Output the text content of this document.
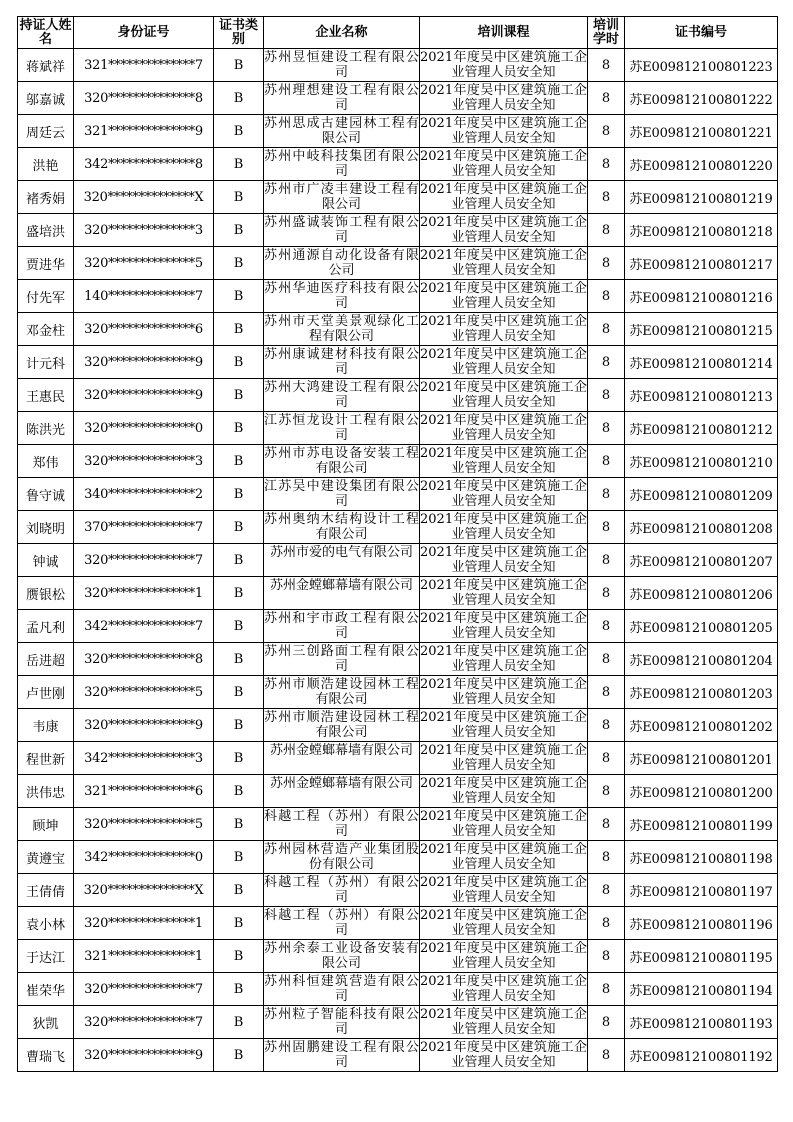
持证人姓名	身份证号	证书类别	企业名称	培训课程	培训学时	证书编号
蒋斌祥	321**************7	B	苏州昱恒建设工程有限公司	2021年度吴中区建筑施工企业管理人员安全知	8	苏E009812100801223
邬嘉诚	320**************8	B	苏州理想建设工程有限公司	2021年度吴中区建筑施工企业管理人员安全知	8	苏E009812100801222
周廷云	321**************9	B	苏州思成古建园林工程有限公司	2021年度吴中区建筑施工企业管理人员安全知	8	苏E009812100801221
洪艳	342**************8	B	苏州中岐科技集团有限公司	2021年度吴中区建筑施工企业管理人员安全知	8	苏E009812100801220
褚秀娟	320**************X	B	苏州市广凌丰建设工程有限公司	2021年度吴中区建筑施工企业管理人员安全知	8	苏E009812100801219
盛培洪	320**************3	B	苏州盛诚装饰工程有限公司	2021年度吴中区建筑施工企业管理人员安全知	8	苏E009812100801218
贾进华	320**************5	B	苏州通源自动化设备有限公司	2021年度吴中区建筑施工企业管理人员安全知	8	苏E009812100801217
付先军	140**************7	B	苏州华迪医疗科技有限公司	2021年度吴中区建筑施工企业管理人员安全知	8	苏E009812100801216
邓金柱	320**************6	B	苏州市天堂美景观绿化工程有限公司	2021年度吴中区建筑施工企业管理人员安全知	8	苏E009812100801215
计元科	320**************9	B	苏州康诚建材科技有限公司	2021年度吴中区建筑施工企业管理人员安全知	8	苏E009812100801214
王惠民	320**************9	B	苏州大鸿建设工程有限公司	2021年度吴中区建筑施工企业管理人员安全知	8	苏E009812100801213
陈洪光	320**************0	B	江苏恒龙设计工程有限公司	2021年度吴中区建筑施工企业管理人员安全知	8	苏E009812100801212
郑伟	320**************3	B	苏州市苏电设备安装工程有限公司	2021年度吴中区建筑施工企业管理人员安全知	8	苏E009812100801210
鲁守诚	340**************2	B	江苏吴中建设集团有限公司	2021年度吴中区建筑施工企业管理人员安全知	8	苏E009812100801209
刘晓明	370**************7	B	苏州奥纳木结构设计工程有限公司	2021年度吴中区建筑施工企业管理人员安全知	8	苏E009812100801208
钟诚	320**************7	B	苏州市爱的电气有限公司	2021年度吴中区建筑施工企业管理人员安全知	8	苏E009812100801207
赝银松	320**************1	B	苏州金螳螂幕墙有限公司	2021年度吴中区建筑施工企业管理人员安全知	8	苏E009812100801206
孟凡利	342**************7	B	苏州和宇市政工程有限公司	2021年度吴中区建筑施工企业管理人员安全知	8	苏E009812100801205
岳进超	320**************8	B	苏州三创路面工程有限公司	2021年度吴中区建筑施工企业管理人员安全知	8	苏E009812100801204
卢世刚	320**************5	B	苏州市顺浩建设园林工程有限公司	2021年度吴中区建筑施工企业管理人员安全知	8	苏E009812100801203
韦康	320**************9	B	苏州市顺浩建设园林工程有限公司	2021年度吴中区建筑施工企业管理人员安全知	8	苏E009812100801202
程世新	342**************3	B	苏州金螳螂幕墙有限公司	2021年度吴中区建筑施工企业管理人员安全知	8	苏E009812100801201
洪伟忠	321**************6	B	苏州金螳螂幕墙有限公司	2021年度吴中区建筑施工企业管理人员安全知	8	苏E009812100801200
顾坤	320**************5	B	科越工程（苏州）有限公司	2021年度吴中区建筑施工企业管理人员安全知	8	苏E009812100801199
黄遵宝	342**************0	B	苏州园林营造产业集团股份有限公司	2021年度吴中区建筑施工企业管理人员安全知	8	苏E009812100801198
王倩倩	320**************X	B	科越工程（苏州）有限公司	2021年度吴中区建筑施工企业管理人员安全知	8	苏E009812100801197
袁小林	320**************1	B	科越工程（苏州）有限公司	2021年度吴中区建筑施工企业管理人员安全知	8	苏E009812100801196
于达江	321**************1	B	苏州余泰工业设备安装有限公司	2021年度吴中区建筑施工企业管理人员安全知	8	苏E009812100801195
崔荣华	320**************7	B	苏州科恒建筑营造有限公司	2021年度吴中区建筑施工企业管理人员安全知	8	苏E009812100801194
狄凯	320**************7	B	苏州粒子智能科技有限公司	2021年度吴中区建筑施工企业管理人员安全知	8	苏E009812100801193
曹瑞飞	320**************9	B	苏州固鹏建设工程有限公司	2021年度吴中区建筑施工企业管理人员安全知	8	苏E009812100801192
